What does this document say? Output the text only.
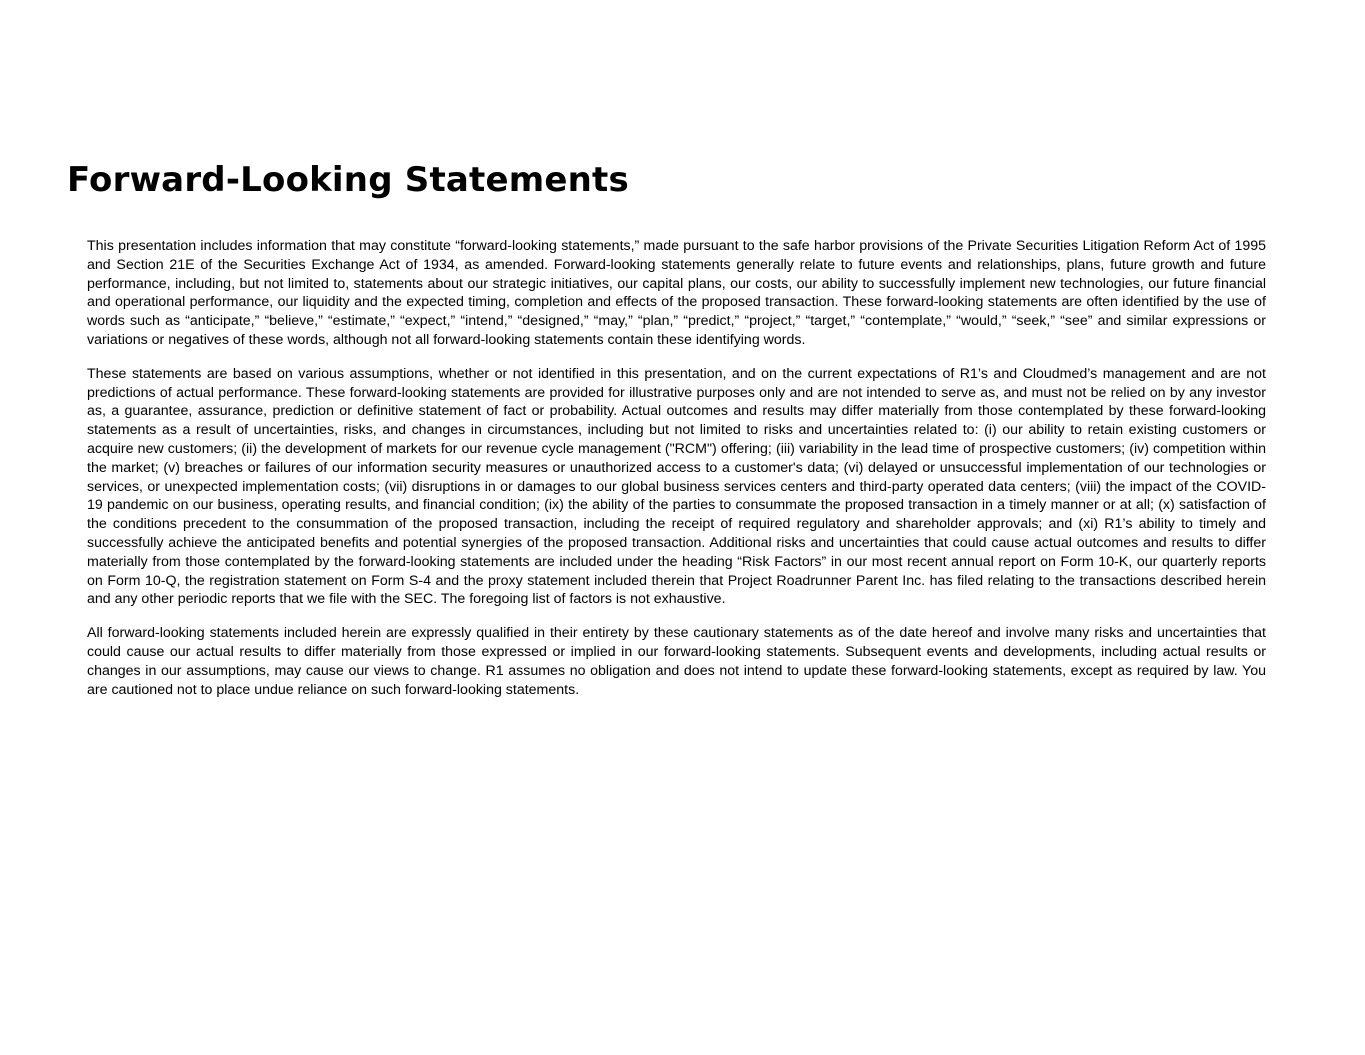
Forward-Looking Statements

This presentation includes information that may constitute “forward-looking statements,” made pursuant to the safe harbor provisions of the Private Securities Litigation Reform Act of 1995 and Section 21E of the Securities Exchange Act of 1934, as amended. Forward-looking statements generally relate to future events and relationships, plans, future growth and future performance, including, but not limited to, statements about our strategic initiatives, our capital plans, our costs, our ability to successfully implement new technologies, our future financial and operational performance, our liquidity and the expected timing, completion and effects of the proposed transaction. These forward-looking statements are often identified by the use of words such as “anticipate,” “believe,” “estimate,” “expect,” “intend,” “designed,” “may,” “plan,” “predict,” “project,” “target,” “contemplate,” “would,” “seek,” “see” and similar expressions or variations or negatives of these words, although not all forward-looking statements contain these identifying words.

These statements are based on various assumptions, whether or not identified in this presentation, and on the current expectations of R1’s and Cloudmed’s management and are not predictions of actual performance. These forward-looking statements are provided for illustrative purposes only and are not intended to serve as, and must not be relied on by any investor as, a guarantee, assurance, prediction or definitive statement of fact or probability. Actual outcomes and results may differ materially from those contemplated by these forward-looking statements as a result of uncertainties, risks, and changes in circumstances, including but not limited to risks and uncertainties related to: (i) our ability to retain existing customers or acquire new customers; (ii) the development of markets for our revenue cycle management ("RCM") offering; (iii) variability in the lead time of prospective customers; (iv) competition within the market; (v) breaches or failures of our information security measures or unauthorized access to a customer's data; (vi) delayed or unsuccessful implementation of our technologies or services, or unexpected implementation costs; (vii) disruptions in or damages to our global business services centers and third-party operated data centers; (viii) the impact of the COVID-19 pandemic on our business, operating results, and financial condition; (ix) the ability of the parties to consummate the proposed transaction in a timely manner or at all; (x) satisfaction of the conditions precedent to the consummation of the proposed transaction, including the receipt of required regulatory and shareholder approvals; and (xi) R1’s ability to timely and successfully achieve the anticipated benefits and potential synergies of the proposed transaction. Additional risks and uncertainties that could cause actual outcomes and results to differ materially from those contemplated by the forward-looking statements are included under the heading “Risk Factors” in our most recent annual report on Form 10-K, our quarterly reports on Form 10-Q, the registration statement on Form S-4 and the proxy statement included therein that Project Roadrunner Parent Inc. has filed relating to the transactions described herein and any other periodic reports that we file with the SEC. The foregoing list of factors is not exhaustive.

All forward-looking statements included herein are expressly qualified in their entirety by these cautionary statements as of the date hereof and involve many risks and uncertainties that could cause our actual results to differ materially from those expressed or implied in our forward-looking statements. Subsequent events and developments, including actual results or changes in our assumptions, may cause our views to change. R1 assumes no obligation and does not intend to update these forward-looking statements, except as required by law. You are cautioned not to place undue reliance on such forward-looking statements.
